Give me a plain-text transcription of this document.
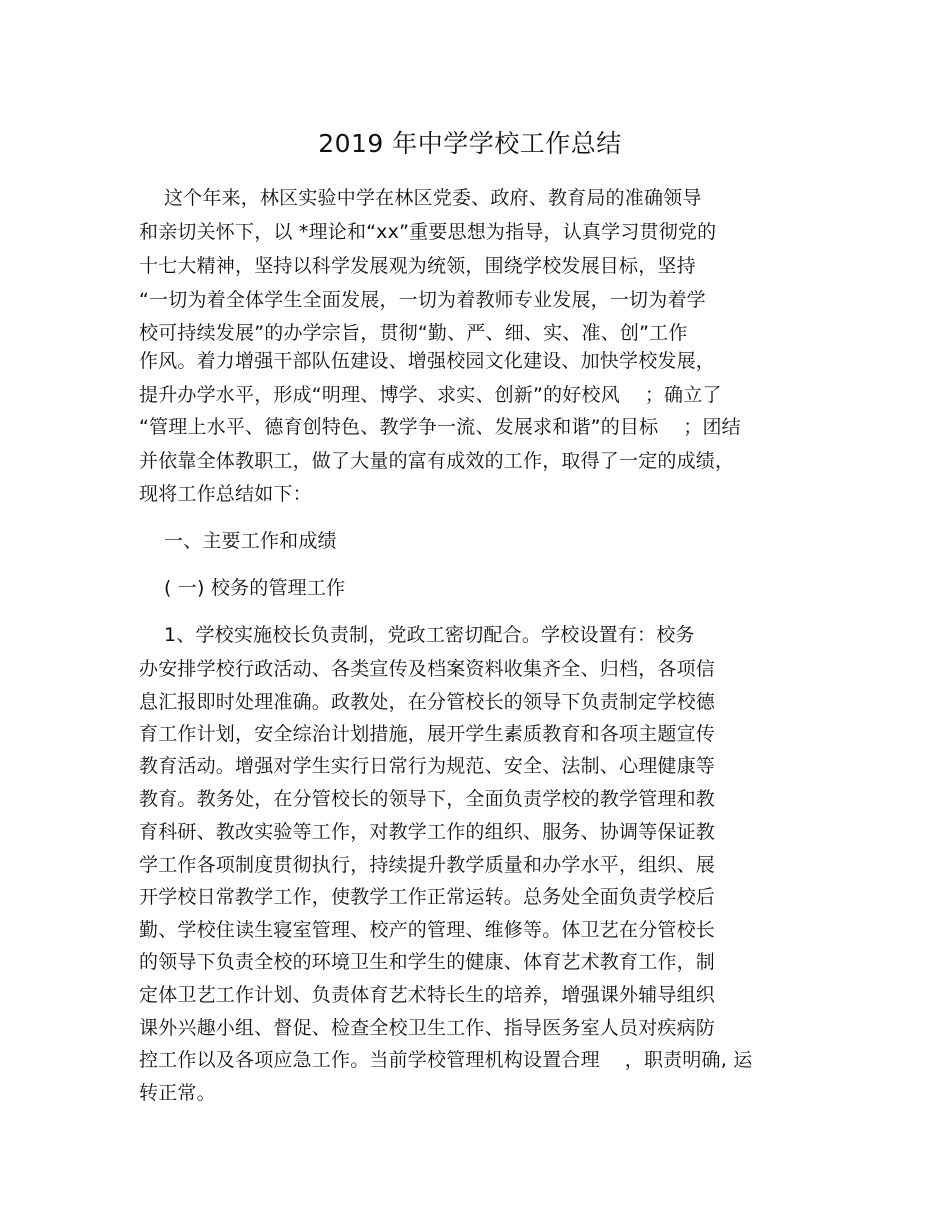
2019 年中学学校工作总结
这个年来，林区实验中学在林区党委、政府、教育局的准确领导
和亲切关怀下，以 *理论和“xx”重要思想为指导，认真学习贯彻党的
十七大精神，坚持以科学发展观为统领，围绕学校发展目标，坚持
“一切为着全体学生全面发展，一切为着教师专业发展，一切为着学
校可持续发展”的办学宗旨，贯彻“勤、严、细、实、准、创”工作
作风。着力增强干部队伍建设、增强校园文化建设、加快学校发展，
提升办学水平，形成“明理、博学、求实、创新”的好校风    ；确立了
“管理上水平、德育创特色、教学争一流、发展求和谐”的目标    ；团结
并依靠全体教职工，做了大量的富有成效的工作，取得了一定的成绩，
现将工作总结如下：
一、主要工作和成绩
( 一) 校务的管理工作
1、学校实施校长负责制，党政工密切配合。学校设置有：校务
办安排学校行政活动、各类宣传及档案资料收集齐全、归档，各项信
息汇报即时处理准确。政教处，在分管校长的领导下负责制定学校德
育工作计划，安全综治计划措施，展开学生素质教育和各项主题宣传
教育活动。增强对学生实行日常行为规范、安全、法制、心理健康等
教育。教务处，在分管校长的领导下，全面负责学校的教学管理和教
育科研、教改实验等工作，对教学工作的组织、服务、协调等保证教
学工作各项制度贯彻执行，持续提升教学质量和办学水平，组织、展
开学校日常教学工作，使教学工作正常运转。总务处全面负责学校后
勤、学校住读生寝室管理、校产的管理、维修等。体卫艺在分管校长
的领导下负责全校的环境卫生和学生的健康、体育艺术教育工作，制
定体卫艺工作计划、负责体育艺术特长生的培养，增强课外辅导组织
课外兴趣小组、督促、检查全校卫生工作、指导医务室人员对疾病防
控工作以及各项应急工作。当前学校管理机构设置合理    ，职责明确, 运
转正常。
